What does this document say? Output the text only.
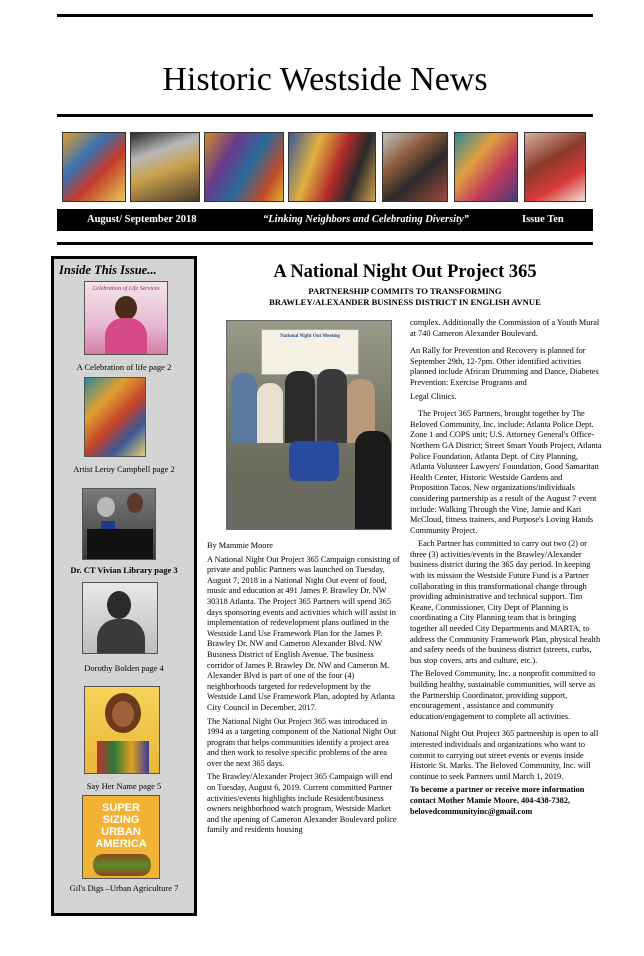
Historic Westside News
August/ September 2018	“Linking Neighbors and Celebrating Diversity”	Issue Ten
Inside This Issue...
Celebration of Life Services
A Celebration of life page 2
Artist Leroy Campbell page 2
Dr. CT Vivian Library page 3
Dorothy Bolden page 4
Say Her Name page 5
SUPER
SIZING
URBAN
AMERICA
Gil's Digs –Urban Agriculture 7
A National Night Out Project 365
PARTNERSHIP COMMITS TO TRANSFORMING
BRAWLEY/ALEXANDER BUSINESS DISTRICT IN ENGLISH AVNUE
National Night Out Meeting

By Mammie Moore

A National Night Out Project 365 Campaign consisting of private and public Partners was launched on Tuesday, August 7, 2018 in a National Night Out event of food, music and education at 491 James P. Brawley Dr. NW 30318 Atlanta. The Project 365 Partners will spend 365 days sponsoring events and activities which will assist in implementation of redevelopment plans outlined in the Westside Land Use Framework Plan for the James P. Brawley Dr. NW and Cameron Alexander Blvd. NW Business District of English Avenue. The business corridor of James P. Brawley Dr. NW and Cameron M. Alexander Blvd is part of one of the four (4) neighborhoods targeted for redevelopment by the Westside Land Use Framework Plan, adopted by Atlanta City Council in December, 2017.

The National Night Out Project 365 was introduced in 1994 as a targeting component of the National Night Out program that helps communities identify a project area and then work to resolve specific problems of the area over the next 365 days.

The Brawley/Alexander Project 365 Campaign will end on Tuesday, August 6, 2019. Current committed Partner activities/events highlights include Resident/business owners neighborhood watch program, Westside Market and the opening of Cameron Alexander Boulevard police family and residents housing

complex. Additionally the Commission of a Youth Mural at 740 Cameron Alexander Boulevard.

An Rally for Prevention and Recovery is planned for September 29th, 12-7pm. Other identified activities planned include African Drumming and Dance, Diabetes Prevention: Exercise Programs and

Legal Clinics.

The Project 365 Partners, brought together by The Beloved Community, Inc. include: Atlanta Police Dept. Zone 1 and COPS unit; U.S. Attorney General's Office-Northern GA District; Street Smart Youth Project, Atlanta Police Foundation, Atlanta Dept. of City Planning, Atlanta Volunteer Lawyers' Foundation, Good Samaritan Health Center, Historic Westside Gardens and Proposition Tacos. New organizations/individuals considering partnership as a result of the August 7 event include: Walking Through the Vine, Jamie and Kari McCloud, fitness trainers, and Purpose's Loving Hands Community Project.

Each Partner has committed to carry out two (2) or three (3) activities/events in the Brawley/Alexander business district during the 365 day period. In keeping with its mission the Westside Future Fund is a Partner collaborating in this transformational change through providing administrative and technical support. Tim Keane, Commissioner, City Dept of Planning is coordinating a City Planning team that is bringing together all needed City Departments and MARTA, to address the Community Framework Plan, physical health and safety needs of the business district (streets, curbs, bus stop covers, arts and culture, etc.).

The Beloved Community, Inc. a nonprofit committed to building healthy, sustainable communities, will serve as the Partnership Coordinator, providing support, encouragement , assistance and community education/engagement to complete all activities.

National Night Out Project 365 partnership is open to all interested individuals and organizations who want to commit to carrying out street events or events inside Historic St. Marks. The Beloved Community, Inc. will continue to seek Partners until March 1, 2019.

To become a partner or receive more information contact Mother Mamie Moore, 404-438-7382, belovedcommunityinc@gmail.com
